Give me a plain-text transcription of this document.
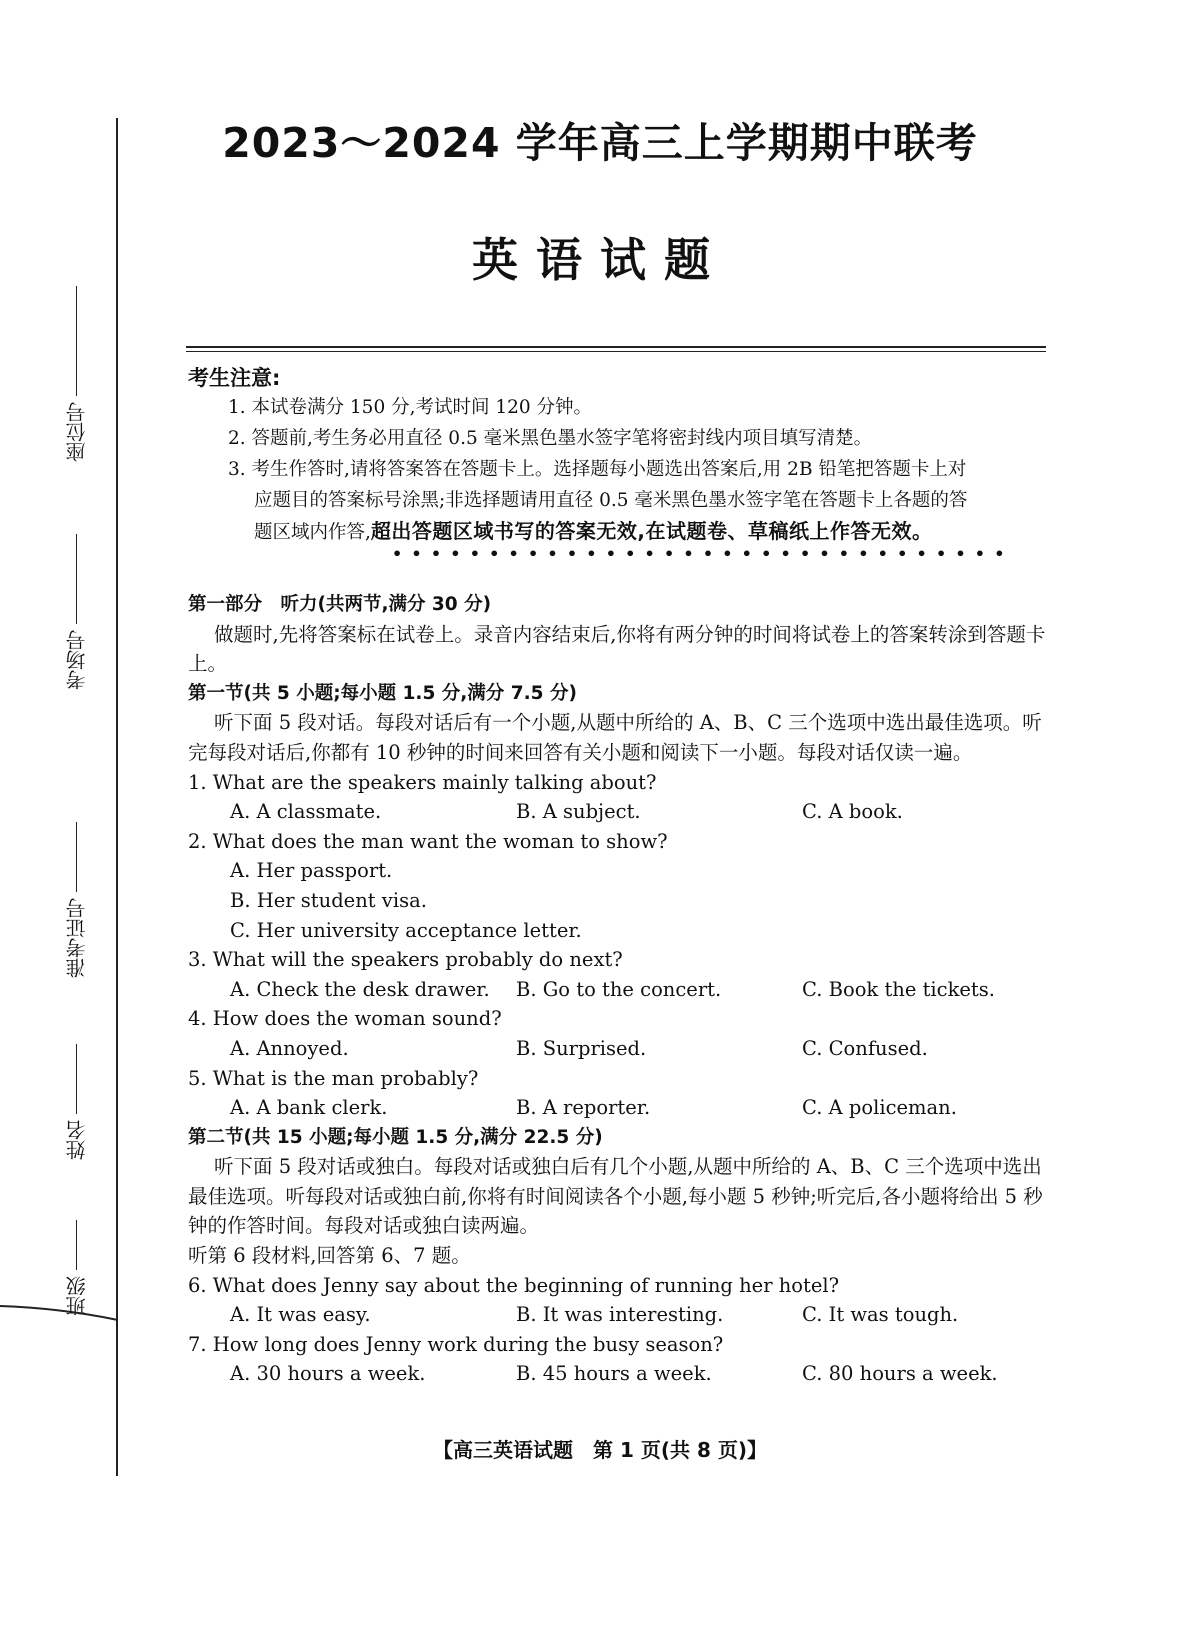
座位号
考场号
准考证号
姓名
班级
2023～2024 学年高三上学期期中联考
英语试题
考生注意:
1. 本试卷满分 150 分,考试时间 120 分钟。
2. 答题前,考生务必用直径 0.5 毫米黑色墨水签字笔将密封线内项目填写清楚。
3. 考生作答时,请将答案答在答题卡上。选择题每小题选出答案后,用 2B 铅笔把答题卡上对
应题目的答案标号涂黑;非选择题请用直径 0.5 毫米黑色墨水签字笔在答题卡上各题的答
题区域内作答,超出答题区域书写的答案无效,在试题卷、草稿纸上作答无效。
••••••••••••••••••••••••••••••••
第一部分　听力(共两节,满分 30 分)
做题时,先将答案标在试卷上。录音内容结束后,你将有两分钟的时间将试卷上的答案转涂到答题卡上。
第一节(共 5 小题;每小题 1.5 分,满分 7.5 分)
听下面 5 段对话。每段对话后有一个小题,从题中所给的 A、B、C 三个选项中选出最佳选项。听完每段对话后,你都有 10 秒钟的时间来回答有关小题和阅读下一小题。每段对话仅读一遍。
1. What are the speakers mainly talking about?
A. A classmate.	B. A subject.	C. A book.
2. What does the man want the woman to show?
A. Her passport.
B. Her student visa.
C. Her university acceptance letter.
3. What will the speakers probably do next?
A. Check the desk drawer.	B. Go to the concert.	C. Book the tickets.
4. How does the woman sound?
A. Annoyed.	B. Surprised.	C. Confused.
5. What is the man probably?
A. A bank clerk.	B. A reporter.	C. A policeman.
第二节(共 15 小题;每小题 1.5 分,满分 22.5 分)
听下面 5 段对话或独白。每段对话或独白后有几个小题,从题中所给的 A、B、C 三个选项中选出最佳选项。听每段对话或独白前,你将有时间阅读各个小题,每小题 5 秒钟;听完后,各小题将给出 5 秒钟的作答时间。每段对话或独白读两遍。
听第 6 段材料,回答第 6、7 题。
6. What does Jenny say about the beginning of running her hotel?
A. It was easy.	B. It was interesting.	C. It was tough.
7. How long does Jenny work during the busy season?
A. 30 hours a week.	B. 45 hours a week.	C. 80 hours a week.
【高三英语试题　第 1 页(共 8 页)】
